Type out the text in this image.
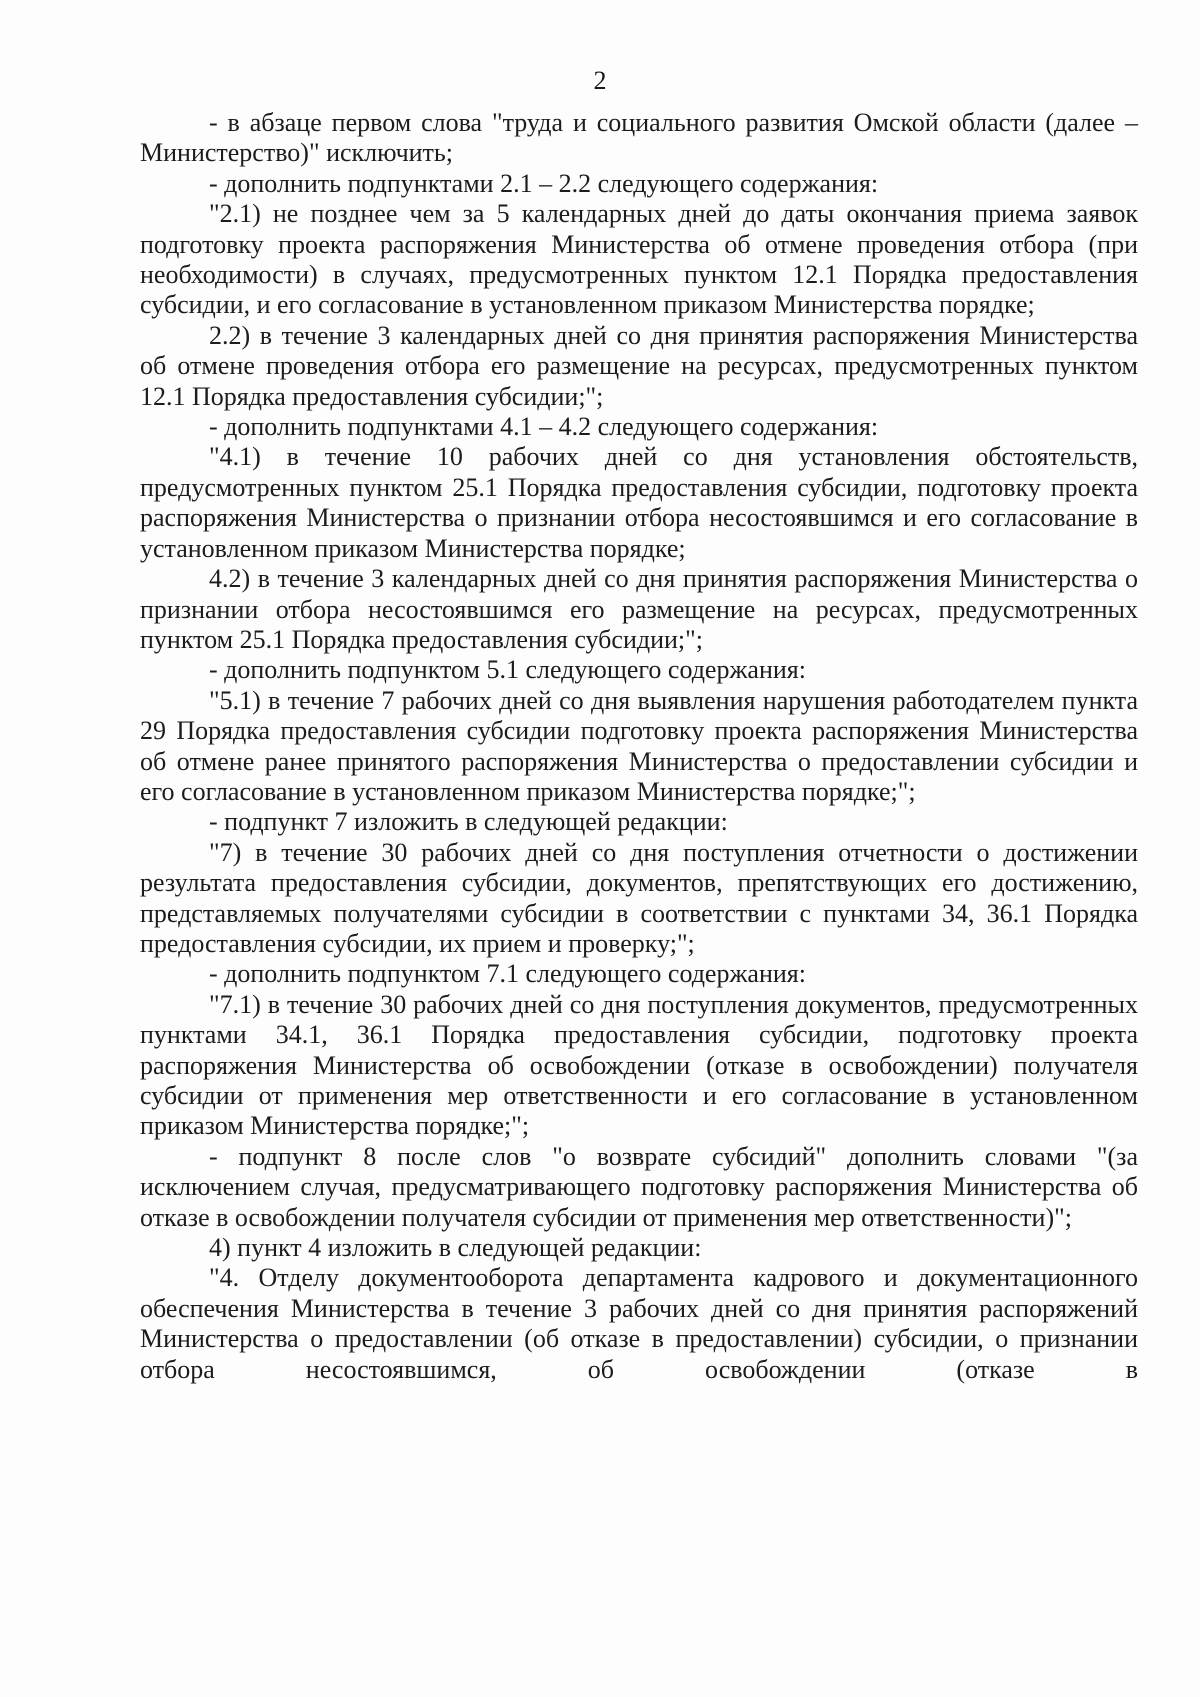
2

- в абзаце первом слова "труда и социального развития Омской области (далее – Министерство)" исключить;

- дополнить подпунктами 2.1 – 2.2 следующего содержания:

"2.1) не позднее чем за 5 календарных дней до даты окончания приема заявок подготовку проекта распоряжения Министерства об отмене проведения отбора (при необходимости) в случаях, предусмотренных пунктом 12.1 Порядка предоставления субсидии, и его согласование в установленном приказом Министерства порядке;

2.2) в течение 3 календарных дней со дня принятия распоряжения Министерства об отмене проведения отбора его размещение на ресурсах, предусмотренных пунктом 12.1 Порядка предоставления субсидии;";

- дополнить подпунктами 4.1 – 4.2 следующего содержания:

"4.1) в течение 10 рабочих дней со дня установления обстоятельств, предусмотренных пунктом 25.1 Порядка предоставления субсидии, подготовку проекта распоряжения Министерства о признании отбора несостоявшимся и его согласование в установленном приказом Министерства порядке;

4.2) в течение 3 календарных дней со дня принятия распоряжения Министерства о признании отбора несостоявшимся его размещение на ресурсах, предусмотренных пунктом 25.1 Порядка предоставления субсидии;";

- дополнить подпунктом 5.1 следующего содержания:

"5.1) в течение 7 рабочих дней со дня выявления нарушения работодателем пункта 29 Порядка предоставления субсидии подготовку проекта распоряжения Министерства об отмене ранее принятого распоряжения Министерства о предоставлении субсидии и его согласование в установленном приказом Министерства порядке;";

- подпункт 7 изложить в следующей редакции:

"7) в течение 30 рабочих дней со дня поступления отчетности о достижении результата предоставления субсидии, документов, препятствующих его достижению, представляемых получателями субсидии в соответствии с пунктами 34, 36.1 Порядка предоставления субсидии, их прием и проверку;";

- дополнить подпунктом 7.1 следующего содержания:

"7.1) в течение 30 рабочих дней со дня поступления документов, предусмотренных пунктами 34.1, 36.1 Порядка предоставления субсидии, подготовку проекта распоряжения Министерства об освобождении (отказе в освобождении) получателя субсидии от применения мер ответственности и его согласование в установленном приказом Министерства порядке;";

- подпункт 8 после слов "о возврате субсидий" дополнить словами "(за исключением случая, предусматривающего подготовку распоряжения Министерства об отказе в освобождении получателя субсидии от применения мер ответственности)";

4) пункт 4 изложить в следующей редакции:

"4. Отделу документооборота департамента кадрового и документационного обеспечения Министерства в течение 3 рабочих дней со дня принятия распоряжений Министерства о предоставлении (об отказе в предоставлении) субсидии, о признании отбора несостоявшимся, об освобождении (отказе в
